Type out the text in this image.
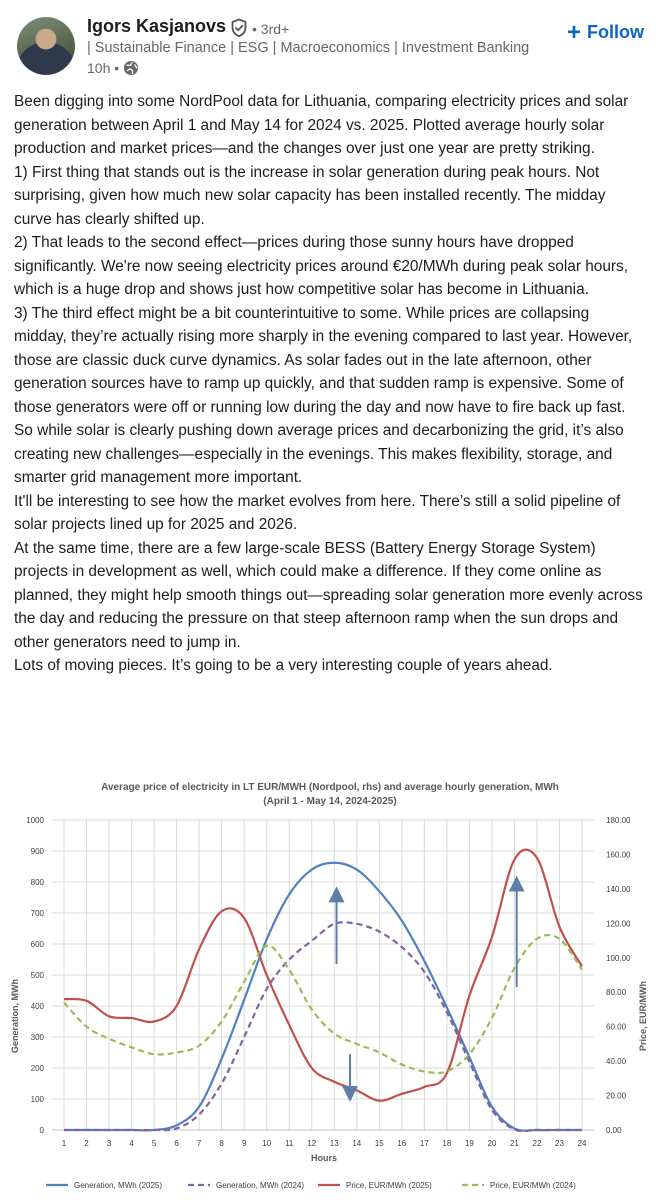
Igors Kasjanovs • 3rd+
| Sustainable Finance | ESG | Macroeconomics | Investment Banking
10h •
+ Follow

Been digging into some NordPool data for Lithuania, comparing electricity prices and solar generation between April 1 and May 14 for 2024 vs. 2025. Plotted average hourly solar production and market prices—and the changes over just one year are pretty striking.

1) First thing that stands out is the increase in solar generation during peak hours. Not surprising, given how much new solar capacity has been installed recently. The midday curve has clearly shifted up.

2) That leads to the second effect—prices during those sunny hours have dropped significantly. We're now seeing electricity prices around €20/MWh during peak solar hours, which is a huge drop and shows just how competitive solar has become in Lithuania.

3) The third effect might be a bit counterintuitive to some. While prices are collapsing midday, they’re actually rising more sharply in the evening compared to last year. However, those are classic duck curve dynamics. As solar fades out in the late afternoon, other generation sources have to ramp up quickly, and that sudden ramp is expensive. Some of those generators were off or running low during the day and now have to fire back up fast.

So while solar is clearly pushing down average prices and decarbonizing the grid, it’s also creating new challenges—especially in the evenings. This makes flexibility, storage, and smarter grid management more important.

It'll be interesting to see how the market evolves from here. There’s still a solid pipeline of solar projects lined up for 2025 and 2026.

At the same time, there are a few large-scale BESS (Battery Energy Storage System) projects in development as well, which could make a difference. If they come online as planned, they might help smooth things out—spreading solar generation more evenly across the day and reducing the pressure on that steep afternoon ramp when the sun drops and other generators need to jump in.

Lots of moving pieces. It’s going to be a very interesting couple of years ahead.

Average price of electricity in LT EUR/MWH (Nordpool, rhs) and average hourly generation, MWh
(April 1 - May 14, 2024-2025)
0
100
200
300
400
500
600
700
800
900
1000
0.00
20.00
40.00
60.00
80.00
100.00
120.00
140.00
160.00
180.00
1 2 3 4 5 6 7 8 9 10 11 12 13 14 15 16 17 18 19 20 21 22 23 24
Hours
Generation, MWh	Price, EUR/MWh
Generation, MWh (2025)	Generation, MWh (2024)	Price, EUR/MWh (2025)	Price, EUR/MWh (2024)
